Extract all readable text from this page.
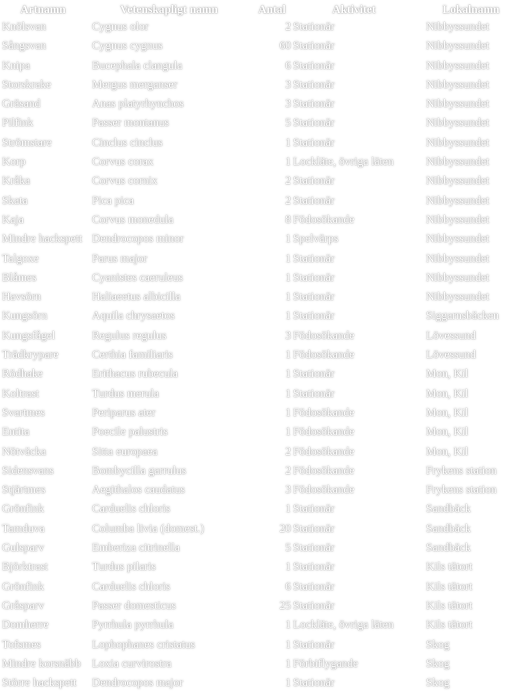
Artnamn	Vetenskapligt namn	Antal	Aktivitet	Lokalnamn
Knölsvan	Cygnus olor	2	Stationär	Nibbyssundet
Sångsvan	Cygnus cygnus	60	Stationär	Nibbyssundet
Knipa	Bucephala clangula	6	Stationär	Nibbyssundet
Storskrake	Mergus merganser	3	Stationär	Nibbyssundet
Gräsand	Anas platyrhynchos	3	Stationär	Nibbyssundet
Pilfink	Passer montanus	5	Stationär	Nibbyssundet
Strömstare	Cinclus cinclus	1	Stationär	Nibbyssundet
Korp	Corvus corax	1	Lockläte, övriga läten	Nibbyssundet
Kråka	Corvus cornix	2	Stationär	Nibbyssundet
Skata	Pica pica	2	Stationär	Nibbyssundet
Kaja	Corvus monedula	8	Födosökande	Nibbyssundet
Mindre hackspett	Dendrocopos minor	1	Spelvärps	Nibbyssundet
Talgoxe	Parus major	1	Stationär	Nibbyssundet
Blåmes	Cyanistes caeruleus	1	Stationär	Nibbyssundet
Havsörn	Haliaeetus albicilla	1	Stationär	Nibbyssundet
Kungsörn	Aquila chrysaetos	1	Stationär	Siggarnsbäcken
Kungsfågel	Regulus regulus	3	Födosökande	Lövessund
Trädkrypare	Certhia familiaris	1	Födosökande	Lövessund
Rödhake	Erithacus rubecula	1	Stationär	Mon, Kil
Koltrast	Turdus merula	1	Stationär	Mon, Kil
Svartmes	Periparus ater	1	Födosökande	Mon, Kil
Entita	Poecile palustris	1	Födosökande	Mon, Kil
Nötväcka	Sitta europaea	2	Födosökande	Mon, Kil
Sidensvans	Bombycilla garrulus	2	Födosökande	Frykens station
Stjärtmes	Aegithalos caudatus	3	Födosökande	Frykens station
Grönfink	Carduelis chloris	1	Stationär	Sandbäck
Tamduva	Columba livia (domest.)	20	Stationär	Sandbäck
Gulsparv	Emberiza citrinella	5	Stationär	Sandbäck
Björktrast	Turdus pilaris	1	Stationär	Kils tätort
Grönfink	Carduelis chloris	6	Stationär	Kils tätort
Gråsparv	Passer domesticus	25	Stationär	Kils tätort
Domherre	Pyrrhula pyrrhula	1	Lockläte, övriga läten	Kils tätort
Tofsmes	Lophophanes cristatus	1	Stationär	Skog
Mindre korsnäbb	Loxia curvirostra	1	Förbiflygande	Skog
Större hackspett	Dendrocopos major	1	Stationär	Skog
